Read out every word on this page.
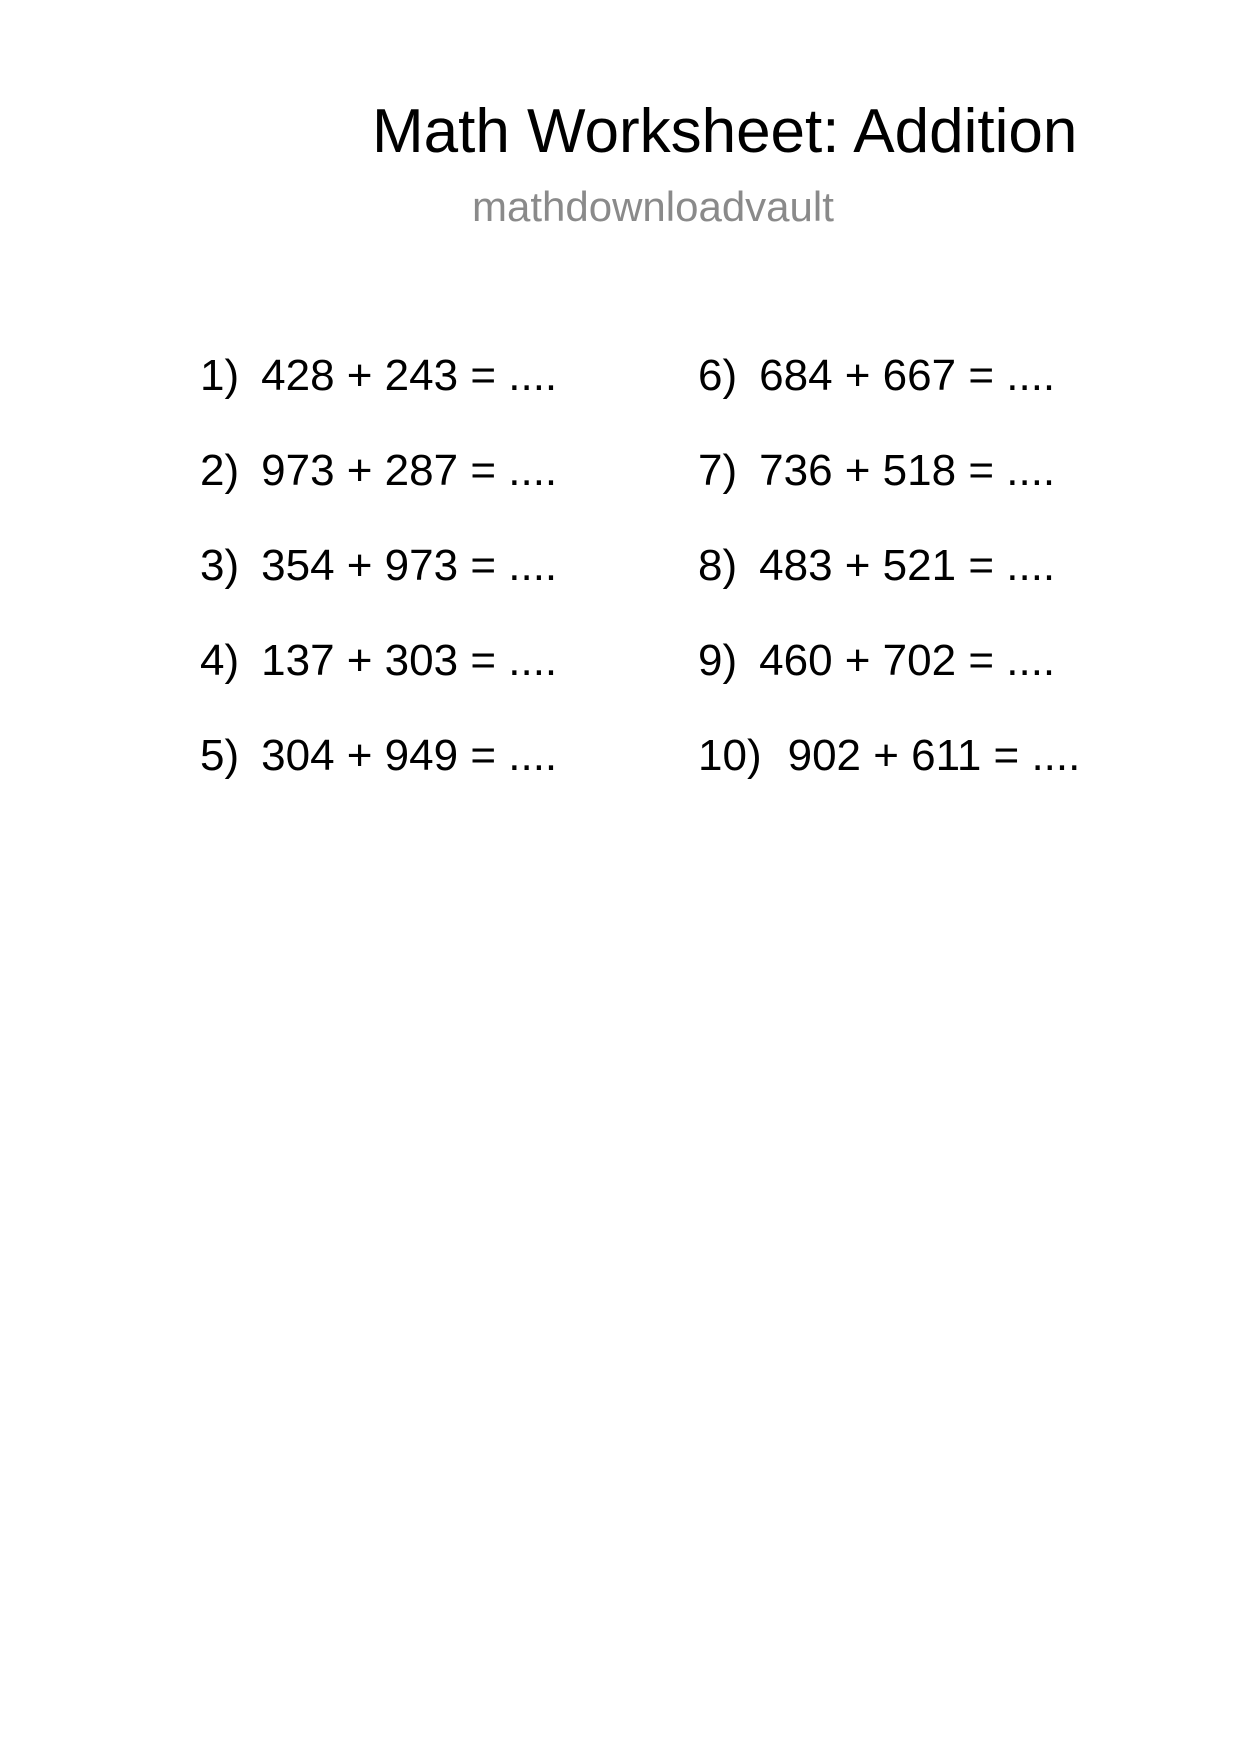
Math Worksheet: Addition
mathdownloadvault
1) 428 + 243 = ....
2) 973 + 287 = ....
3) 354 + 973 = ....
4) 137 + 303 = ....
5) 304 + 949 = ....
6) 684 + 667 = ....
7) 736 + 518 = ....
8) 483 + 521 = ....
9) 460 + 702 = ....
10) 902 + 611 = ....
